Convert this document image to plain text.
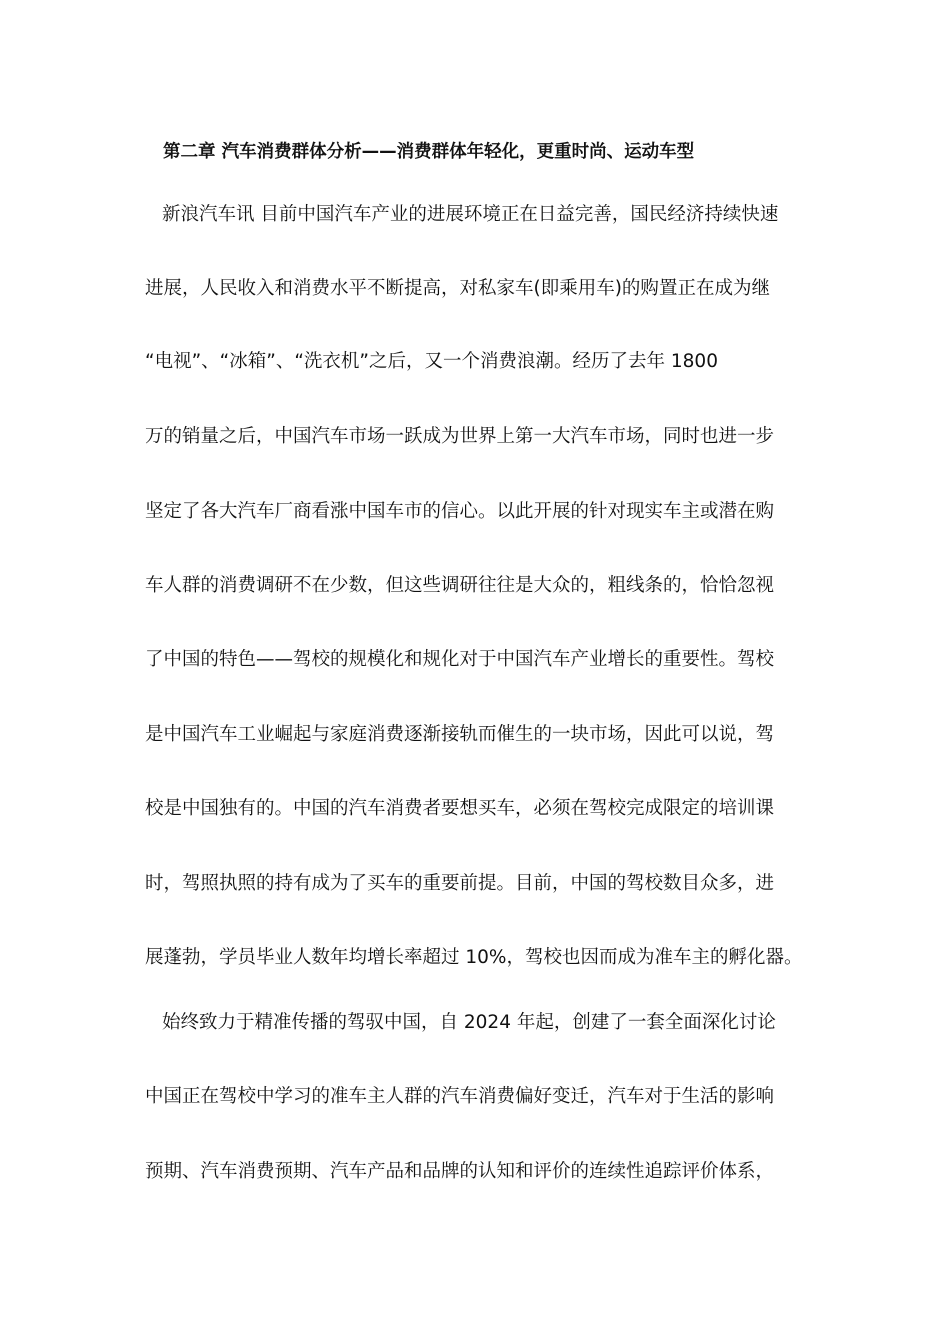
第二章 汽车消费群体分析——消费群体年轻化，更重时尚、运动车型
新浪汽车讯 目前中国汽车产业的进展环境正在日益完善，国民经济持续快速
进展，人民收入和消费水平不断提高，对私家车(即乘用车)的购置正在成为继
“电视”、“冰箱”、“洗衣机”之后，又一个消费浪潮。经历了去年 1800
万的销量之后，中国汽车市场一跃成为世界上第一大汽车市场，同时也进一步
坚定了各大汽车厂商看涨中国车市的信心。以此开展的针对现实车主或潜在购
车人群的消费调研不在少数，但这些调研往往是大众的，粗线条的，恰恰忽视
了中国的特色——驾校的规模化和规化对于中国汽车产业增长的重要性。驾校
是中国汽车工业崛起与家庭消费逐渐接轨而催生的一块市场，因此可以说，驾
校是中国独有的。中国的汽车消费者要想买车，必须在驾校完成限定的培训课
时，驾照执照的持有成为了买车的重要前提。目前，中国的驾校数目众多，进
展蓬勃，学员毕业人数年均增长率超过 10%，驾校也因而成为准车主的孵化器。
始终致力于精准传播的驾驭中国，自 2024 年起，创建了一套全面深化讨论
中国正在驾校中学习的准车主人群的汽车消费偏好变迁，汽车对于生活的影响
预期、汽车消费预期、汽车产品和品牌的认知和评价的连续性追踪评价体系，
